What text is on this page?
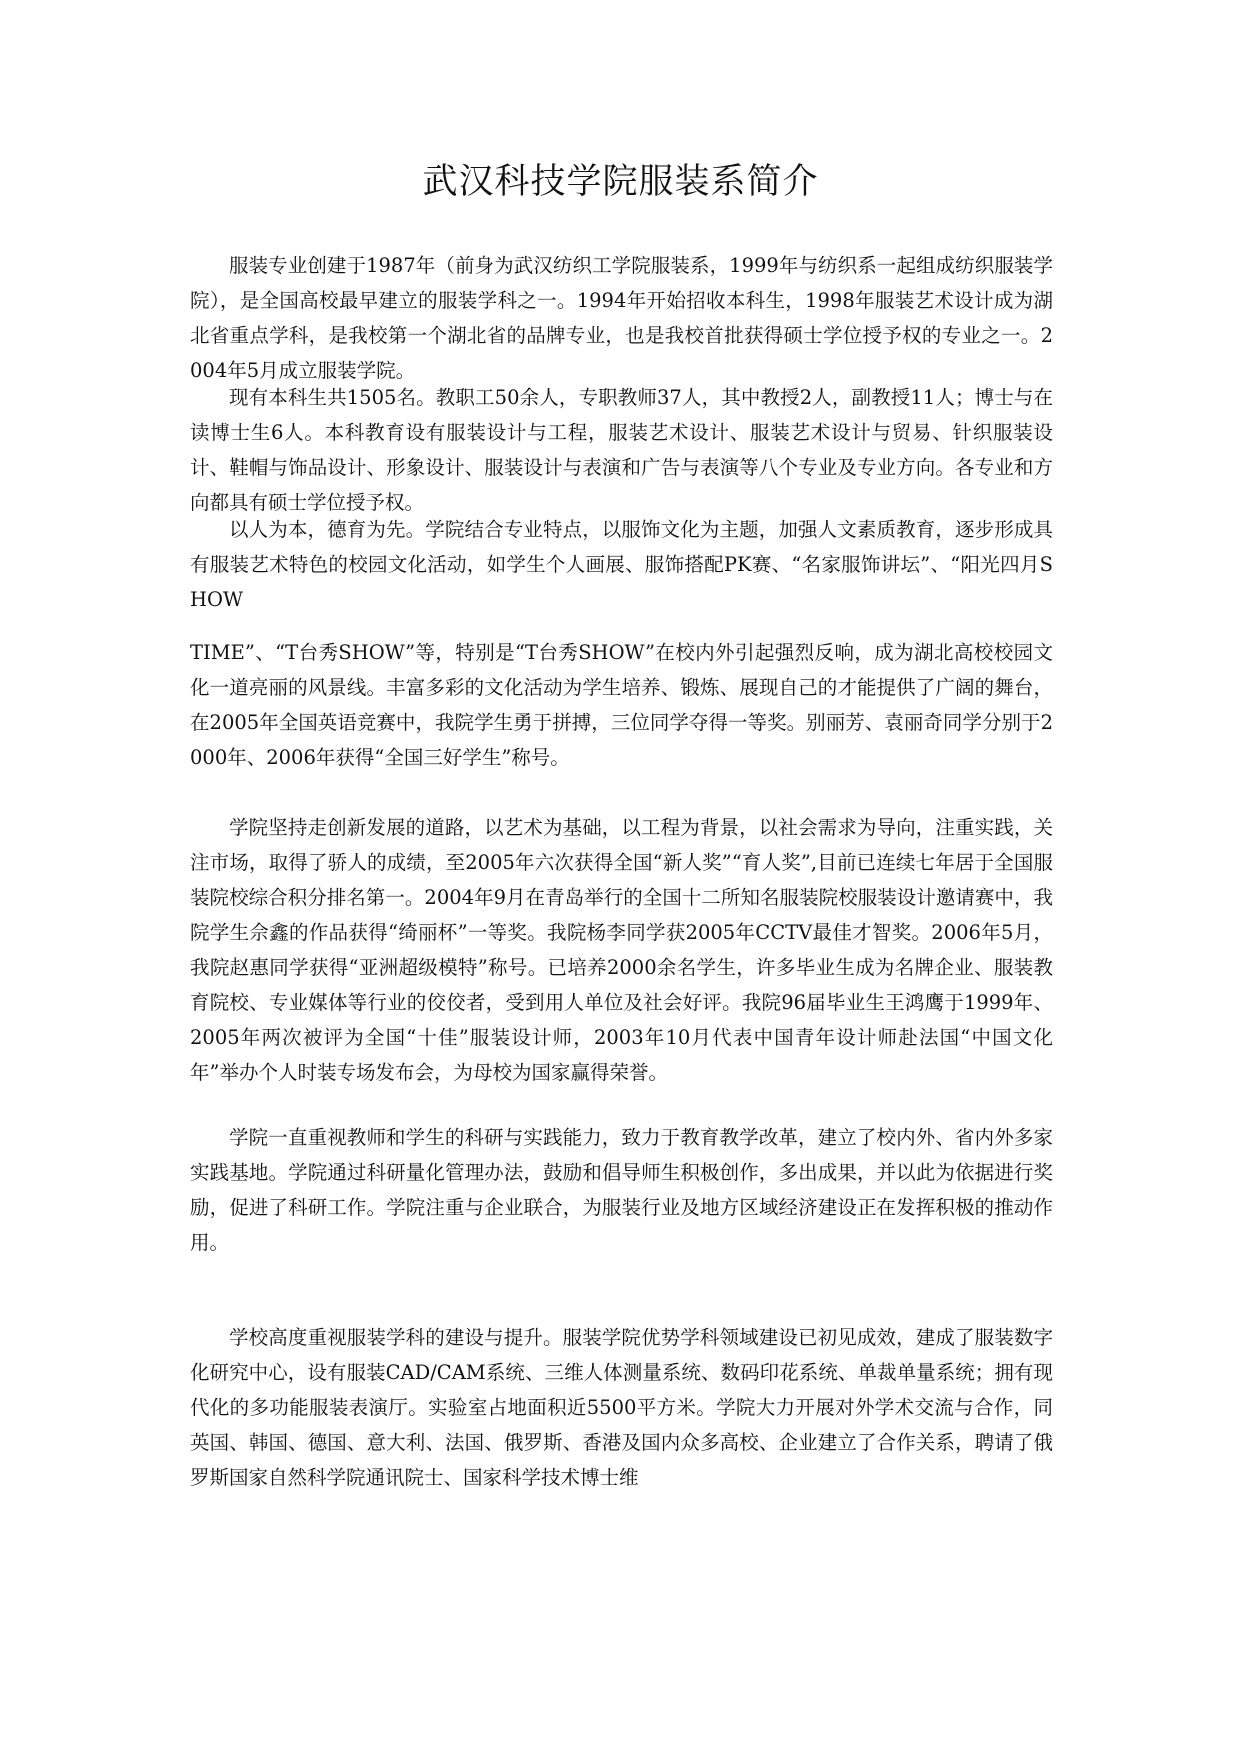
武汉科技学院服装系简介

服装专业创建于1987年（前身为武汉纺织工学院服装系，1999年与纺织系一起组成纺织服装学院），是全国高校最早建立的服装学科之一。1994年开始招收本科生，1998年服装艺术设计成为湖北省重点学科，是我校第一个湖北省的品牌专业，也是我校首批获得硕士学位授予权的专业之一。2004年5月成立服装学院。

现有本科生共1505名。教职工50余人，专职教师37人，其中教授2人，副教授11人；博士与在读博士生6人。本科教育设有服装设计与工程，服装艺术设计、服装艺术设计与贸易、针织服装设计、鞋帽与饰品设计、形象设计、服装设计与表演和广告与表演等八个专业及专业方向。各专业和方向都具有硕士学位授予权。

以人为本，德育为先。学院结合专业特点，以服饰文化为主题，加强人文素质教育，逐步形成具有服装艺术特色的校园文化活动，如学生个人画展、服饰搭配PK赛、“名家服饰讲坛”、“阳光四月SHOW

TIME”、“T台秀SHOW”等，特别是“T台秀SHOW”在校内外引起强烈反响，成为湖北高校校园文化一道亮丽的风景线。丰富多彩的文化活动为学生培养、锻炼、展现自己的才能提供了广阔的舞台，在2005年全国英语竞赛中，我院学生勇于拼搏，三位同学夺得一等奖。别丽芳、袁丽奇同学分别于2000年、2006年获得“全国三好学生”称号。

学院坚持走创新发展的道路，以艺术为基础，以工程为背景，以社会需求为导向，注重实践，关注市场，取得了骄人的成绩，至2005年六次获得全国“新人奖”“育人奖”,目前已连续七年居于全国服装院校综合积分排名第一。2004年9月在青岛举行的全国十二所知名服装院校服装设计邀请赛中，我院学生佘鑫的作品获得“绮丽杯”一等奖。我院杨李同学获2005年CCTV最佳才智奖。2006年5月，我院赵惠同学获得“亚洲超级模特”称号。已培养2000余名学生，许多毕业生成为名牌企业、服装教育院校、专业媒体等行业的佼佼者，受到用人单位及社会好评。我院96届毕业生王鸿鹰于1999年、2005年两次被评为全国“十佳”服装设计师，2003年10月代表中国青年设计师赴法国“中国文化年”举办个人时装专场发布会，为母校为国家赢得荣誉。

学院一直重视教师和学生的科研与实践能力，致力于教育教学改革，建立了校内外、省内外多家实践基地。学院通过科研量化管理办法，鼓励和倡导师生积极创作，多出成果，并以此为依据进行奖励，促进了科研工作。学院注重与企业联合，为服装行业及地方区域经济建设正在发挥积极的推动作用。

学校高度重视服装学科的建设与提升。服装学院优势学科领域建设已初见成效，建成了服装数字化研究中心，设有服装CAD/CAM系统、三维人体测量系统、数码印花系统、单裁单量系统；拥有现代化的多功能服装表演厅。实验室占地面积近5500平方米。学院大力开展对外学术交流与合作，同英国、韩国、德国、意大利、法国、俄罗斯、香港及国内众多高校、企业建立了合作关系，聘请了俄罗斯国家自然科学院通讯院士、国家科学技术博士维
